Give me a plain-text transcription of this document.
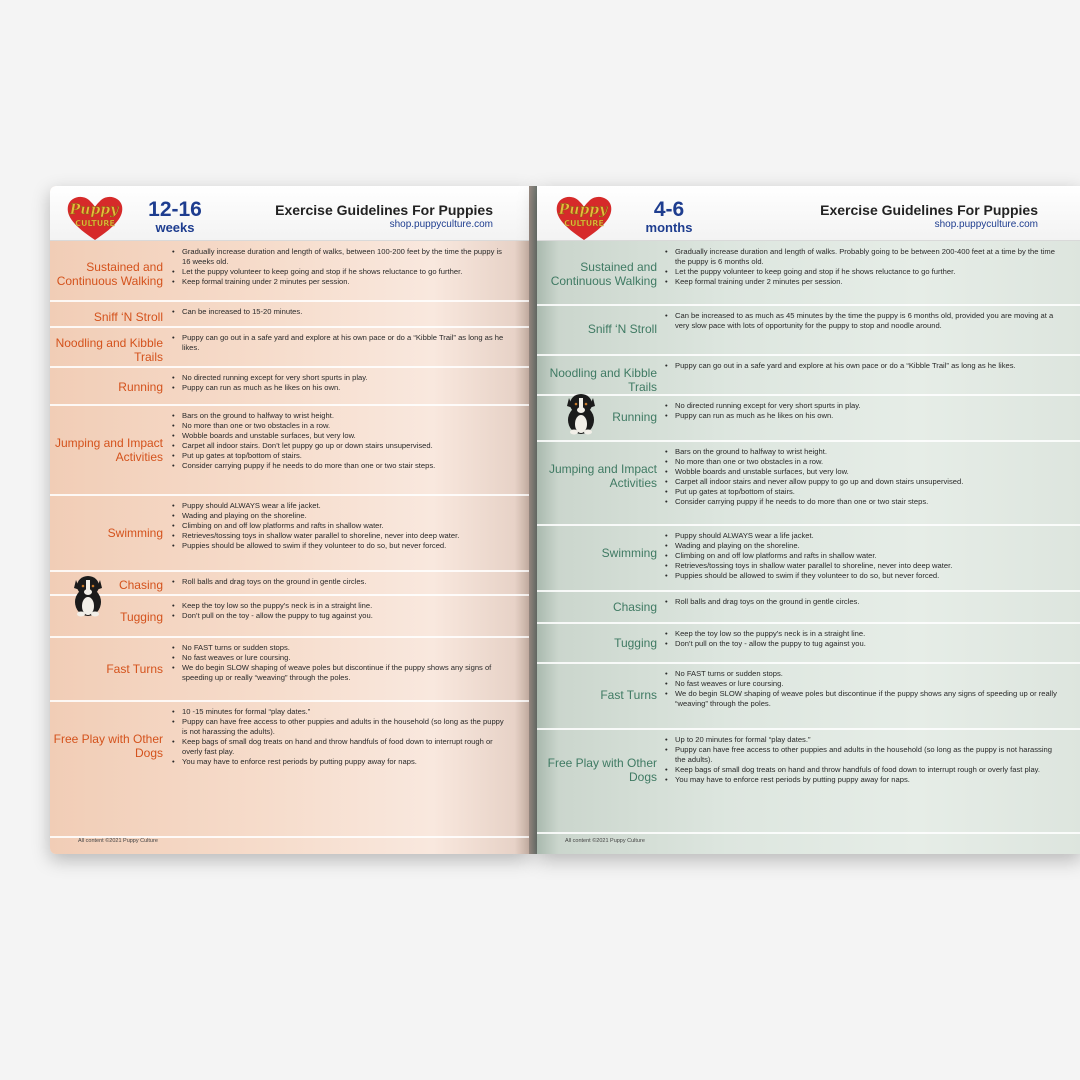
Puppy
CULTURE
12-16
weeks
Exercise Guidelines For Puppies
shop.puppyculture.com
Sustained and Continuous Walking
• Gradually increase duration and length of walks, between 100-200 feet by the time the puppy is 16 weeks old.
• Let the puppy volunteer to keep going and stop if he shows reluctance to go further.
• Keep formal training under 2 minutes per session.
Sniff ‘N Stroll	• Can be increased to 15-20 minutes.
Noodling and Kibble Trails
• Puppy can go out in a safe yard and explore at his own pace or do a “Kibble Trail” as long as he likes.
Running
• No directed running except for very short spurts in play.
• Puppy can run as much as he likes on his own.
Jumping and Impact Activities
• Bars on the ground to halfway to wrist height.
• No more than one or two obstacles in a row.
• Wobble boards and unstable surfaces, but very low.
• Carpet all indoor stairs. Don’t let puppy go up or down stairs unsupervised.
• Put up gates at top/bottom of stairs.
• Consider carrying puppy if he needs to do more than one or two stair steps.
Swimming
• Puppy should ALWAYS wear a life jacket.
• Wading and playing on the shoreline.
• Climbing on and off low platforms and rafts in shallow water.
• Retrieves/tossing toys in shallow water parallel to shoreline, never into deep water.
• Puppies should be allowed to swim if they volunteer to do so, but never forced.
Chasing	• Roll balls and drag toys on the ground in gentle circles.
Tugging
• Keep the toy low so the puppy’s neck is in a straight line.
• Don’t pull on the toy - allow the puppy to tug against you.
Fast Turns
• No FAST turns or sudden stops.
• No fast weaves or lure coursing.
• We do begin SLOW shaping of weave poles but discontinue if the puppy shows any signs of speeding up or really “weaving” through the poles.
Free Play with Other Dogs
• 10 -15 minutes for formal “play dates.”
• Puppy can have free access to other puppies and adults in the household (so long as the puppy is not harassing the adults).
• Keep bags of small dog treats on hand and throw handfuls of food down to interrupt rough or overly fast play.
• You may have to enforce rest periods by putting puppy away for naps.
All content ©2021 Puppy Culture
Puppy
CULTURE
4-6
months
Exercise Guidelines For Puppies
shop.puppyculture.com
Sustained and Continuous Walking
• Gradually increase duration and length of walks. Probably going to be between 200-400 feet at a time by the time the puppy is 6 months old.
• Let the puppy volunteer to keep going and stop if he shows reluctance to go further.
• Keep formal training under 2 minutes per session.
Sniff ‘N Stroll
• Can be increased to as much as 45 minutes by the time the puppy is 6 months old, provided you are moving at a very slow pace with lots of opportunity for the puppy to stop and noodle around.
Noodling and Kibble Trails
• Puppy can go out in a safe yard and explore at his own pace or do a “Kibble Trail” as long as he likes.
Running
• No directed running except for very short spurts in play.
• Puppy can run as much as he likes on his own.
Jumping and Impact Activities
• Bars on the ground to halfway to wrist height.
• No more than one or two obstacles in a row.
• Wobble boards and unstable surfaces, but very low.
• Carpet all indoor stairs and never allow puppy to go up and down stairs unsupervised.
• Put up gates at top/bottom of stairs.
• Consider carrying puppy if he needs to do more than one or two stair steps.
Swimming
• Puppy should ALWAYS wear a life jacket.
• Wading and playing on the shoreline.
• Climbing on and off low platforms and rafts in shallow water.
• Retrieves/tossing toys in shallow water parallel to shoreline, never into deep water.
• Puppies should be allowed to swim if they volunteer to do so, but never forced.
Chasing	• Roll balls and drag toys on the ground in gentle circles.
Tugging
• Keep the toy low so the puppy’s neck is in a straight line.
• Don’t pull on the toy - allow the puppy to tug against you.
Fast Turns
• No FAST turns or sudden stops.
• No fast weaves or lure coursing.
• We do begin SLOW shaping of weave poles but discontinue if the puppy shows any signs of speeding up or really “weaving” through the poles.
Free Play with Other Dogs
• Up to 20 minutes for formal “play dates.”
• Puppy can have free access to other puppies and adults in the household (so long as the puppy is not harassing the adults).
• Keep bags of small dog treats on hand and throw handfuls of food down to interrupt rough or overly fast play.
• You may have to enforce rest periods by putting puppy away for naps.
All content ©2021 Puppy Culture
